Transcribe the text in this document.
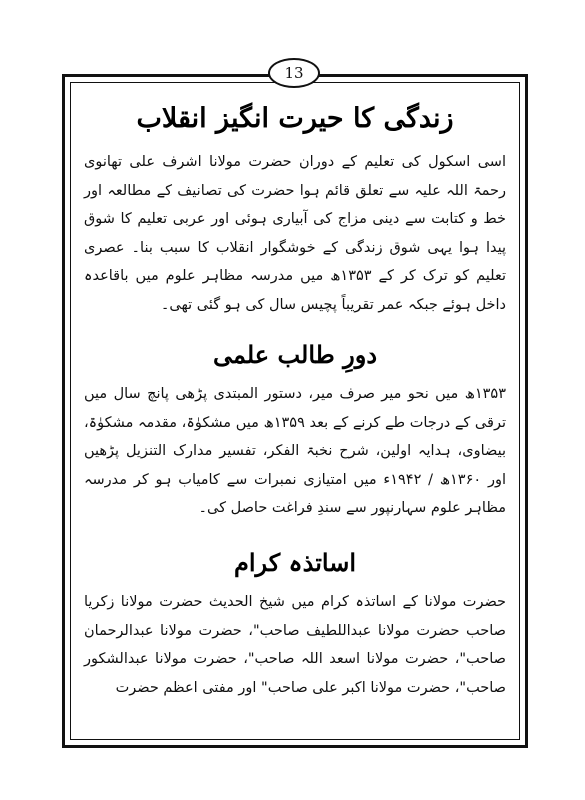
13
زندگی کا حیرت انگیز انقلاب

اسی اسکول کی تعلیم کے دوران حضرت مولانا اشرف علی تھانوی رحمۃ اللہ علیہ سے تعلق قائم ہوا حضرت کی تصانیف کے مطالعہ اور خط و کتابت سے دینی مزاج کی آبیاری ہوئی اور عربی تعلیم کا شوق پیدا ہوا یہی شوق زندگی کے خوشگوار انقلاب کا سبب بنا۔ عصری تعلیم کو ترک کر کے ۱۳۵۳ھ میں مدرسہ مظاہر علوم میں باقاعدہ داخل ہوئے جبکہ عمر تقریباً پچیس سال کی ہو گئی تھی۔

دورِ طالب علمی

۱۳۵۳ھ میں نحو میر صرف میر، دستور المبتدی پڑھی پانچ سال میں ترقی کے درجات طے کرنے کے بعد ۱۳۵۹ھ میں مشکوٰۃ، مقدمہ مشکوٰۃ، بیضاوی، ہدایہ اولین، شرح نخبۃ الفکر، تفسیر مدارک التنزیل پڑھیں اور ۱۳۶۰ھ / ۱۹۴۲ء میں امتیازی نمبرات سے کامیاب ہو کر مدرسہ مظاہر علوم سہارنپور سے سندِ فراغت حاصل کی۔

اساتذہ کرام

حضرت مولانا کے اساتذہ کرام میں شیخ الحدیث حضرت مولانا زکریا صاحب حضرت مولانا عبداللطیف صاحب"، حضرت مولانا عبدالرحمان صاحب"، حضرت مولانا اسعد اللہ صاحب"، حضرت مولانا عبدالشکور صاحب"، حضرت مولانا اکبر علی صاحب" اور مفتی اعظم حضرت
